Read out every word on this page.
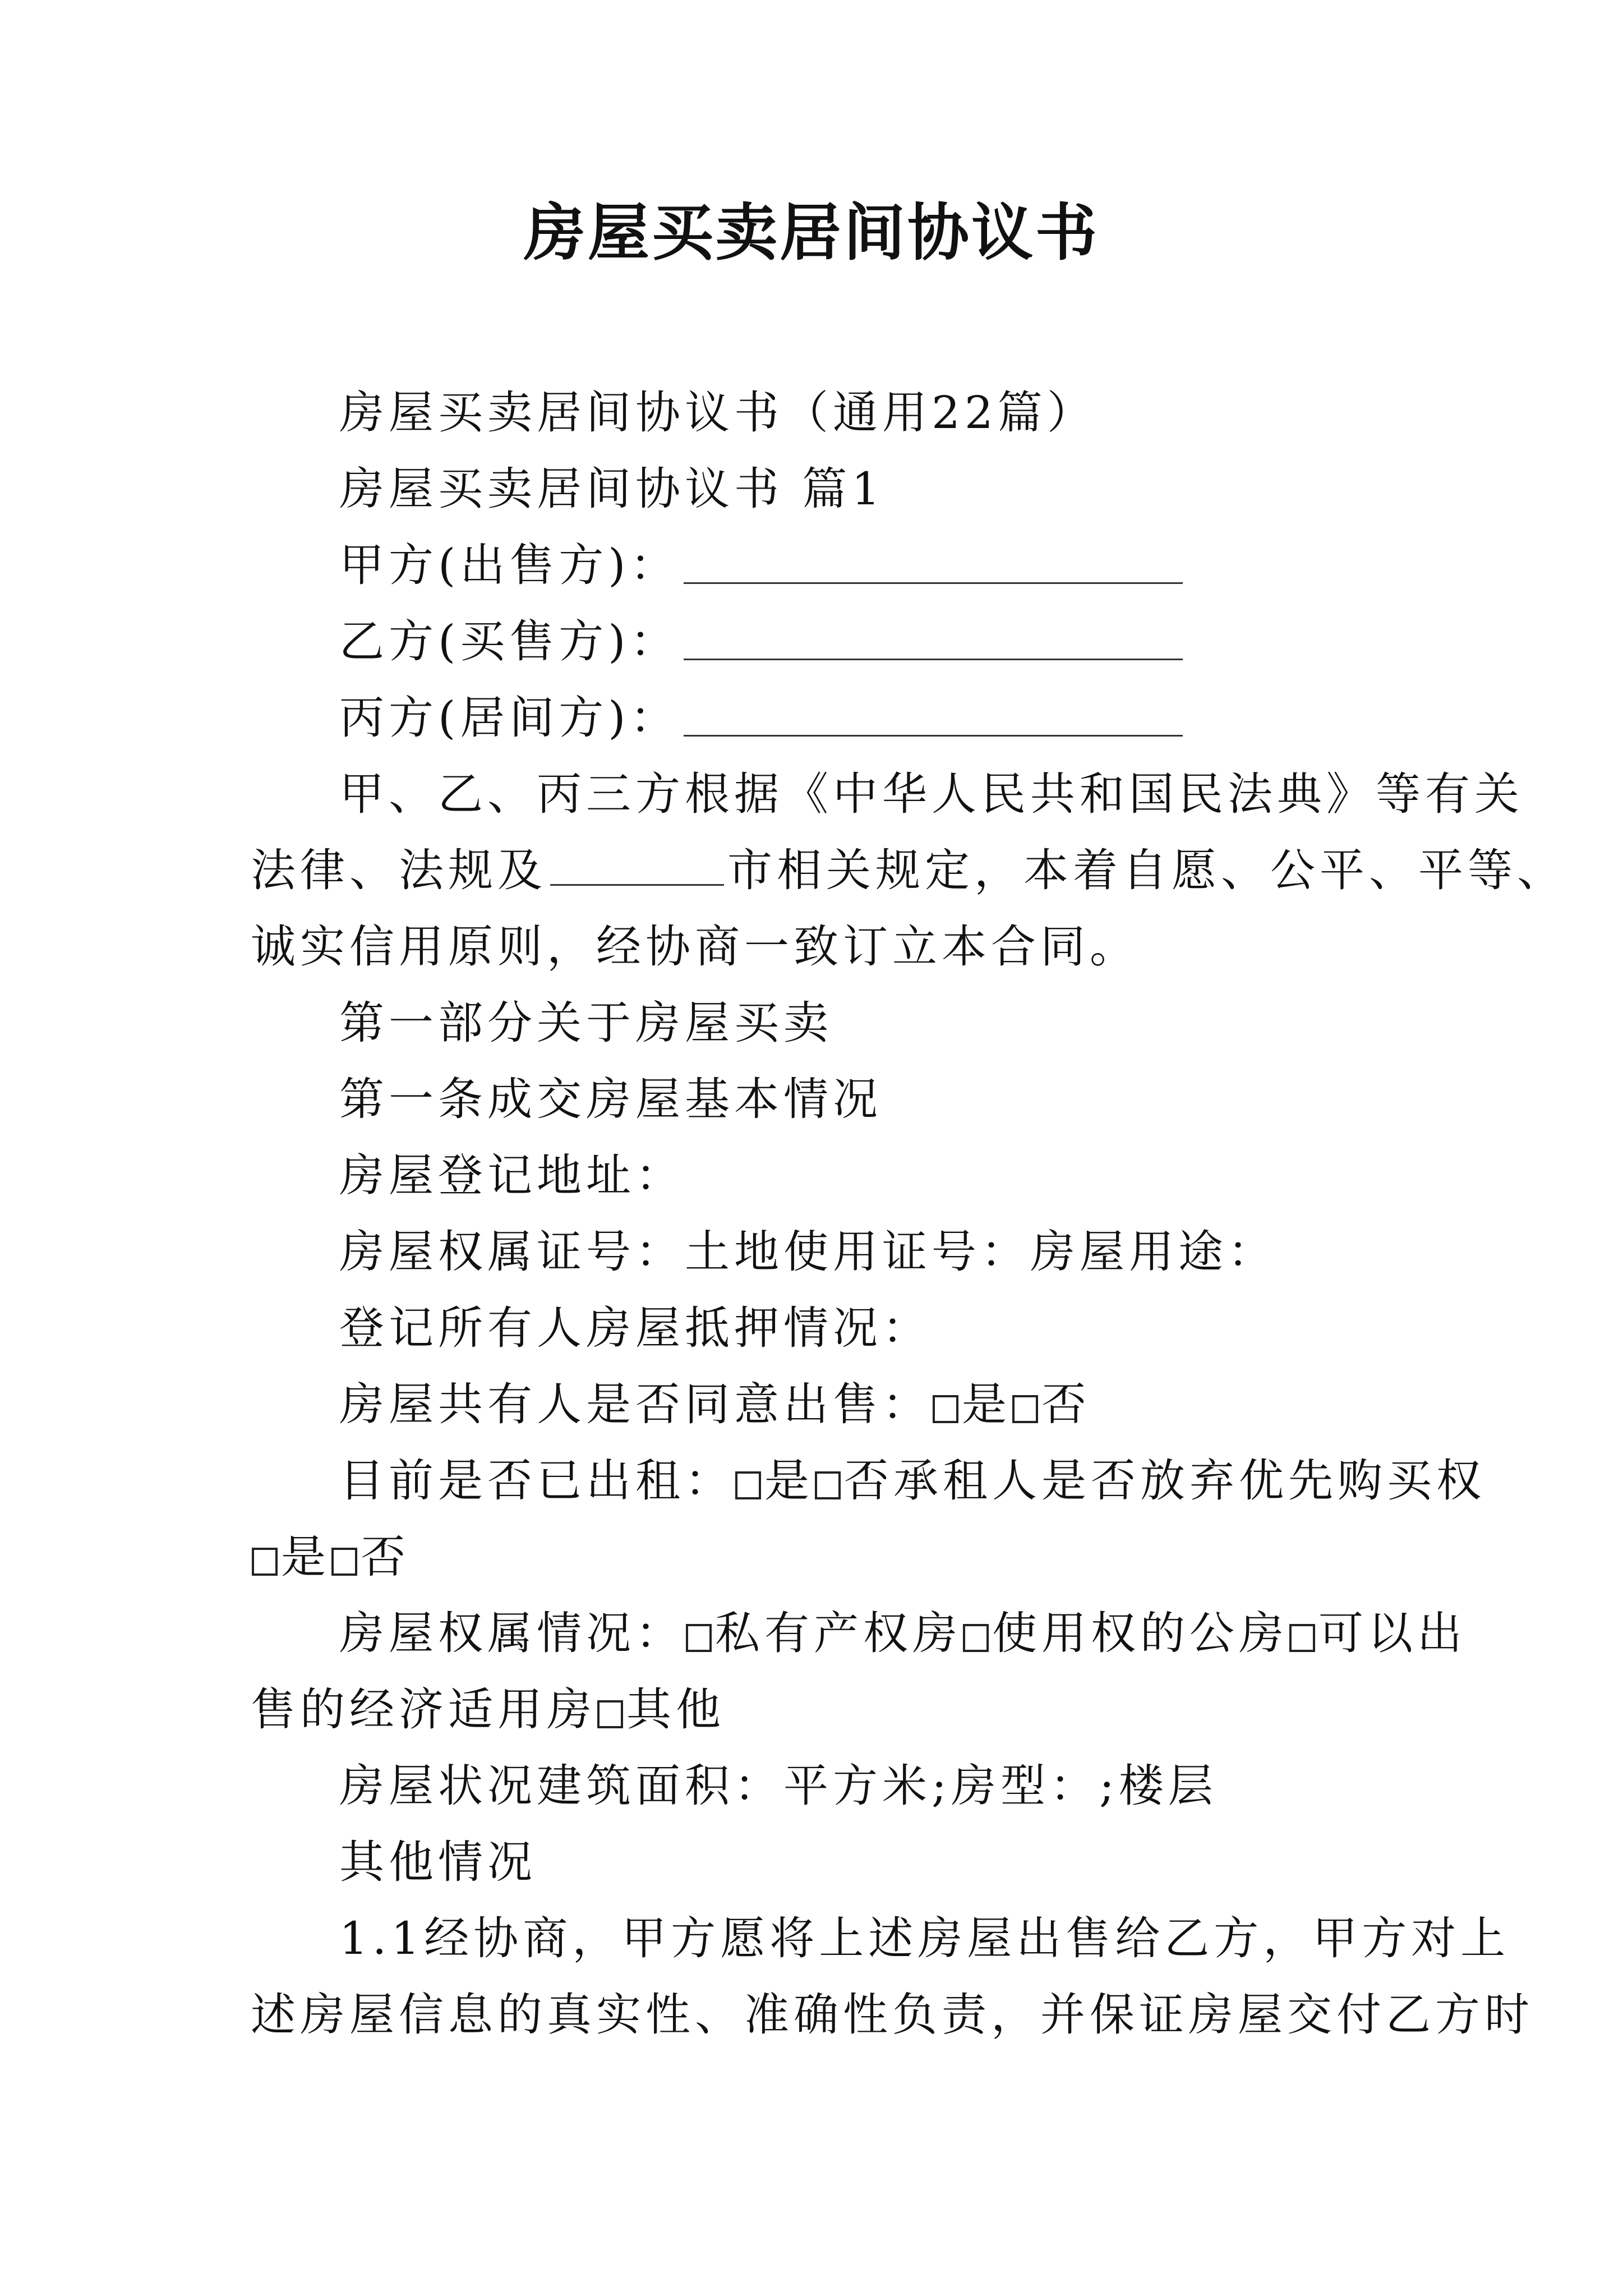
房屋买卖居间协议书
房屋买卖居间协议书（通用22篇）
房屋买卖居间协议书 篇1
甲方(出售方)：
乙方(买售方)：
丙方(居间方)：
甲、乙、丙三方根据《中华人民共和国民法典》等有关
法律、法规及	市相关规定，本着自愿、公平、平等、
诚实信用原则，经协商一致订立本合同。
第一部分关于房屋买卖
第一条成交房屋基本情况
房屋登记地址：
房屋权属证号：土地使用证号：房屋用途：
登记所有人房屋抵押情况：
房屋共有人是否同意出售： 是 否
目前是否已出租： 是 否承租人是否放弃优先购买权
是 否
房屋权属情况： 私有产权房 使用权的公房 可以出
售的经济适用房 其他
房屋状况建筑面积：平方米;房型：;楼层
其他情况
1.1经协商，甲方愿将上述房屋出售给乙方，甲方对上
述房屋信息的真实性、准确性负责，并保证房屋交付乙方时
